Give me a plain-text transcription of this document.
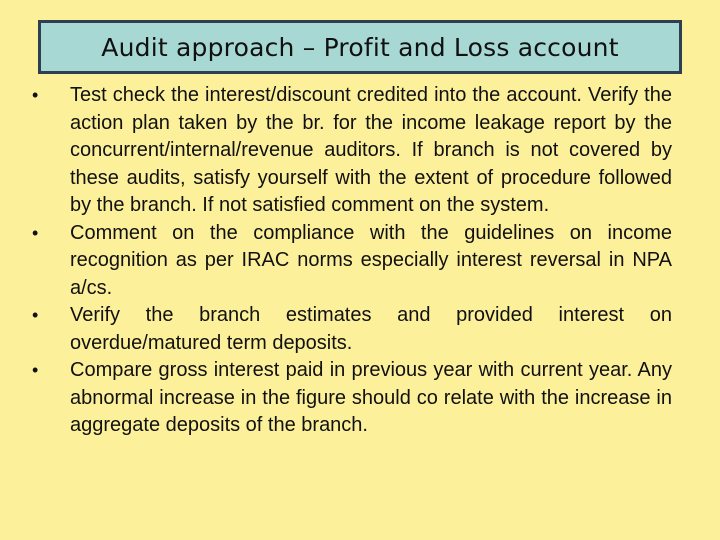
Audit approach – Profit and Loss account
• Test check the interest/discount credited into the account. Verify the action plan taken by the br. for the income leakage report by the concurrent/internal/revenue auditors. If branch is not covered by these audits, satisfy yourself with the extent of procedure followed by the branch. If not satisfied comment on the system.
• Comment on the compliance with the guidelines on income recognition as per IRAC norms especially interest reversal in NPA a/cs.
• Verify the branch estimates and provided interest on overdue/matured term deposits.
• Compare gross interest paid in previous year with current year. Any abnormal increase in the figure should co relate with the increase in aggregate deposits of the branch.
